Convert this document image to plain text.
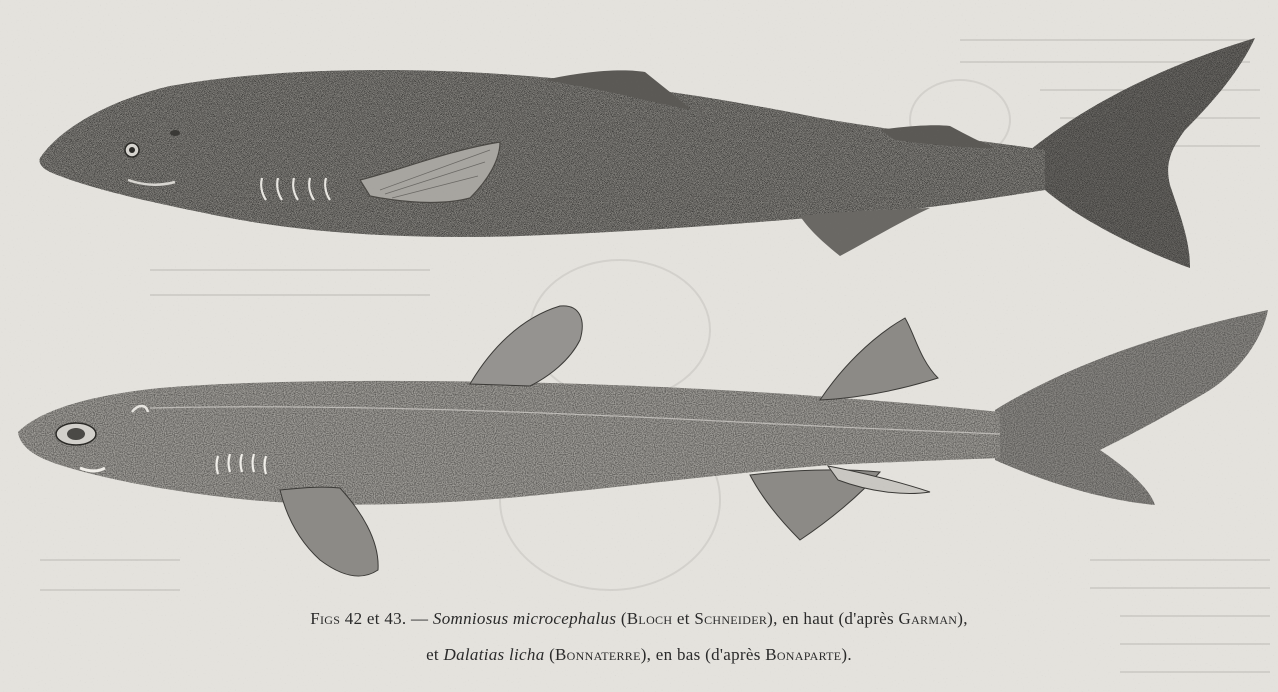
Figs 42 et 43. — Somniosus microcephalus (Bloch et Schneider), en haut (d'après Garman),
et Dalatias licha (Bonnaterre), en bas (d'après Bonaparte).
